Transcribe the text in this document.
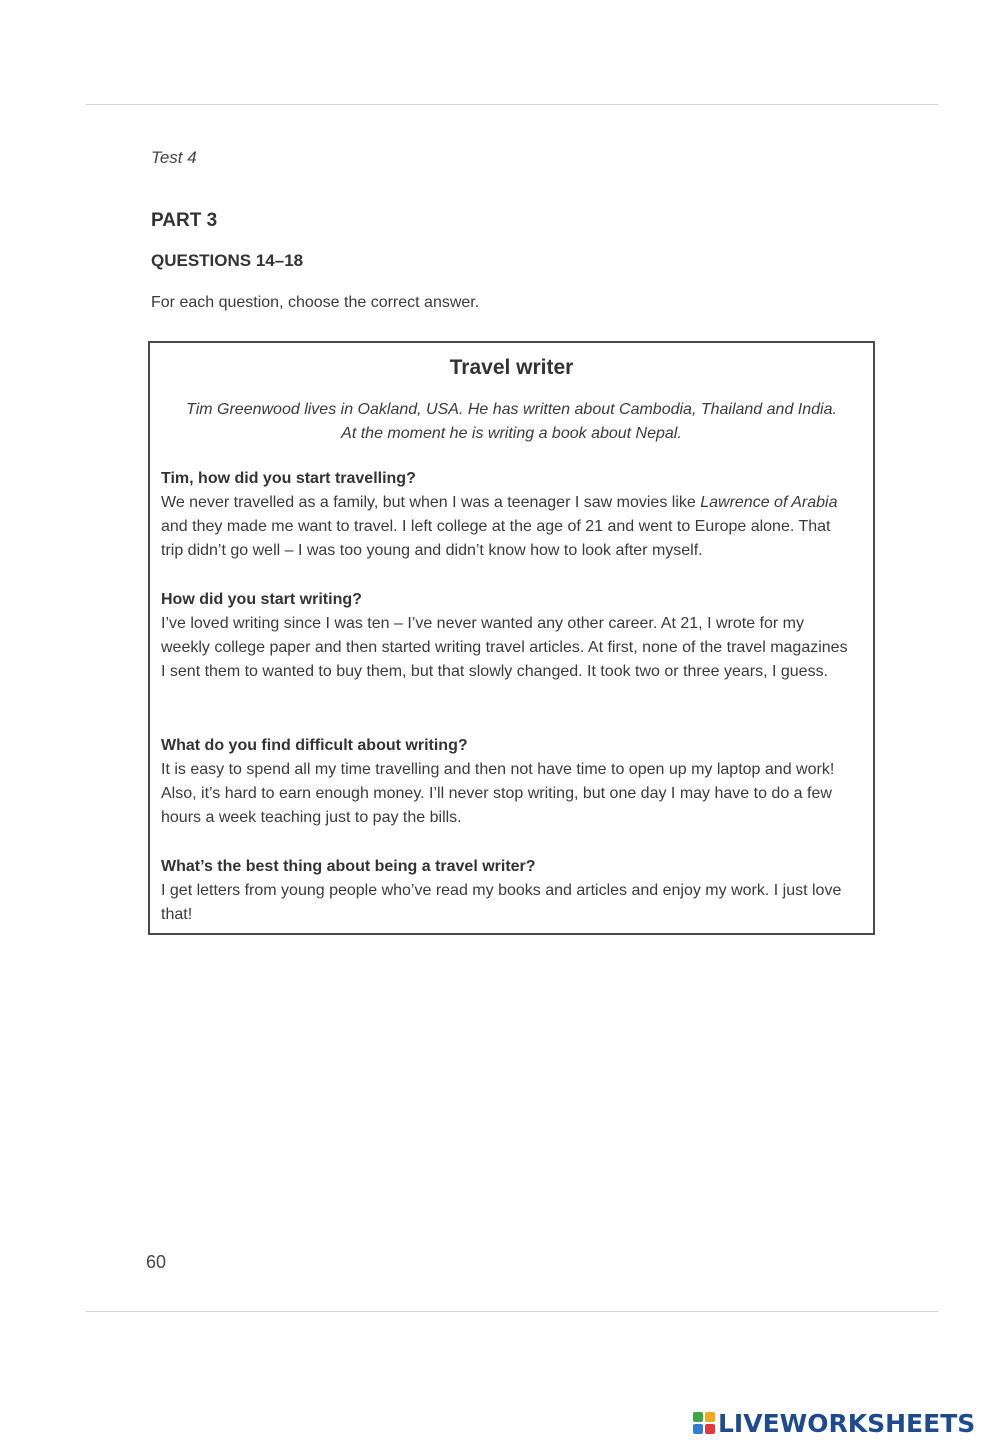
Test 4
PART 3
QUESTIONS 14–18
For each question, choose the correct answer.
Travel writer
Tim Greenwood lives in Oakland, USA. He has written about Cambodia, Thailand and India.
At the moment he is writing a book about Nepal.
Tim, how did you start travelling?
We never travelled as a family, but when I was a teenager I saw movies like Lawrence of Arabia and they made me want to travel. I left college at the age of 21 and went to Europe alone. That trip didn’t go well – I was too young and didn’t know how to look after myself.
How did you start writing?
I’ve loved writing since I was ten – I’ve never wanted any other career. At 21, I wrote for my weekly college paper and then started writing travel articles. At first, none of the travel magazines I sent them to wanted to buy them, but that slowly changed. It took two or three years, I guess.
What do you find difficult about writing?
It is easy to spend all my time travelling and then not have time to open up my laptop and work! Also, it’s hard to earn enough money. I’ll never stop writing, but one day I may have to do a few hours a week teaching just to pay the bills.
What’s the best thing about being a travel writer?
I get letters from young people who’ve read my books and articles and enjoy my work. I just love that!
60
LIVEWORKSHEETS
